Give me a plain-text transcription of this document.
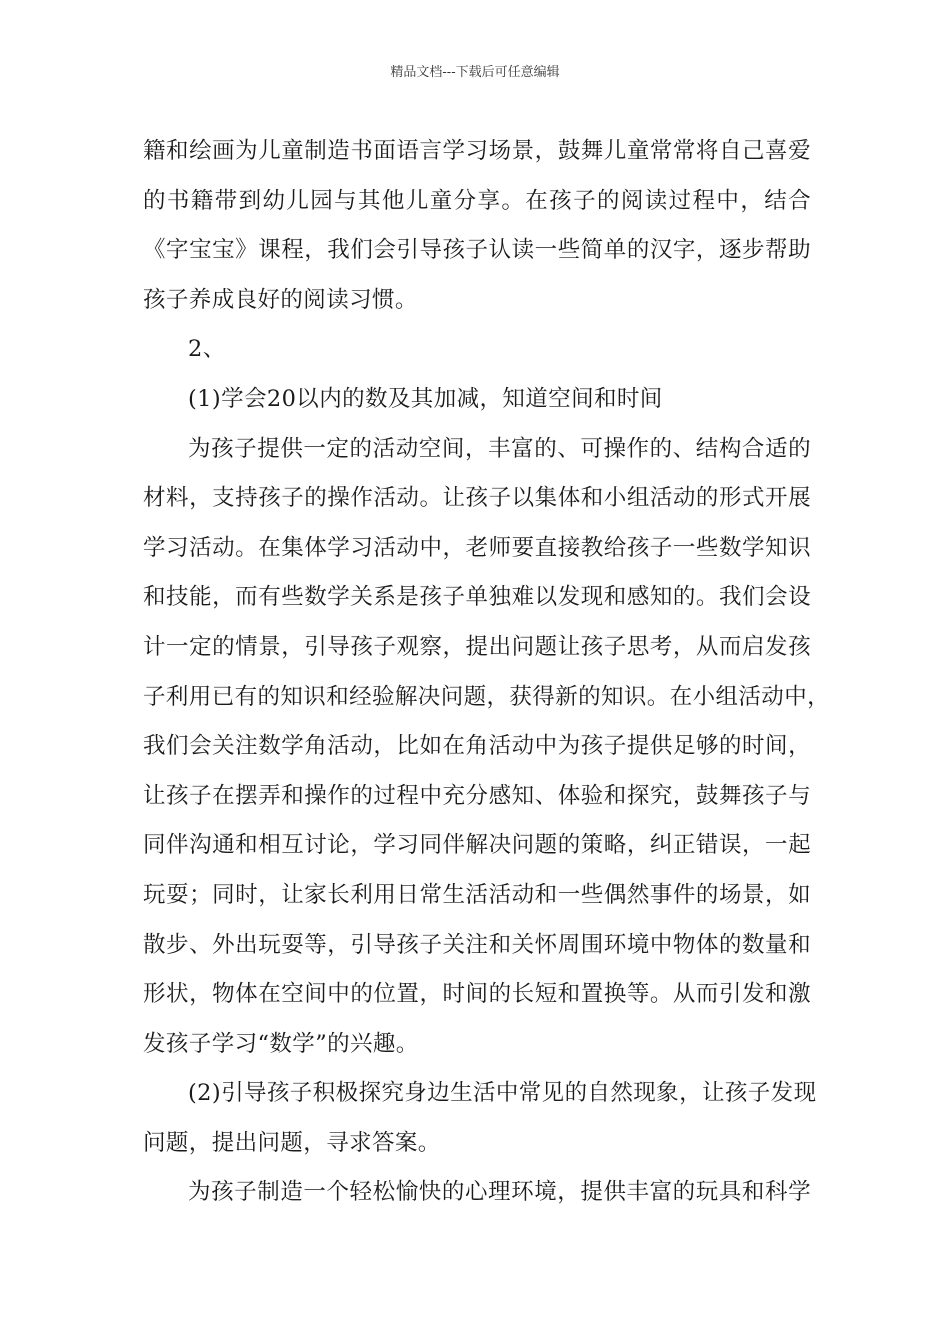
精品文档---下载后可任意编辑
籍和绘画为儿童制造书面语言学习场景，鼓舞儿童常常将自己喜爱
的书籍带到幼儿园与其他儿童分享。在孩子的阅读过程中，结合
《字宝宝》课程，我们会引导孩子认读一些简单的汉字，逐步帮助
孩子养成良好的阅读习惯。
2、
(1)学会20以内的数及其加减，知道空间和时间
为孩子提供一定的活动空间，丰富的、可操作的、结构合适的
材料，支持孩子的操作活动。让孩子以集体和小组活动的形式开展
学习活动。在集体学习活动中，老师要直接教给孩子一些数学知识
和技能，而有些数学关系是孩子单独难以发现和感知的。我们会设
计一定的情景，引导孩子观察，提出问题让孩子思考，从而启发孩
子利用已有的知识和经验解决问题，获得新的知识。在小组活动中，
我们会关注数学角活动，比如在角活动中为孩子提供足够的时间，
让孩子在摆弄和操作的过程中充分感知、体验和探究，鼓舞孩子与
同伴沟通和相互讨论，学习同伴解决问题的策略，纠正错误，一起
玩耍；同时，让家长利用日常生活活动和一些偶然事件的场景，如
散步、外出玩耍等，引导孩子关注和关怀周围环境中物体的数量和
形状，物体在空间中的位置，时间的长短和置换等。从而引发和激
发孩子学习“数学”的兴趣。
(2)引导孩子积极探究身边生活中常见的自然现象，让孩子发现
问题，提出问题，寻求答案。
为孩子制造一个轻松愉快的心理环境，提供丰富的玩具和科学
